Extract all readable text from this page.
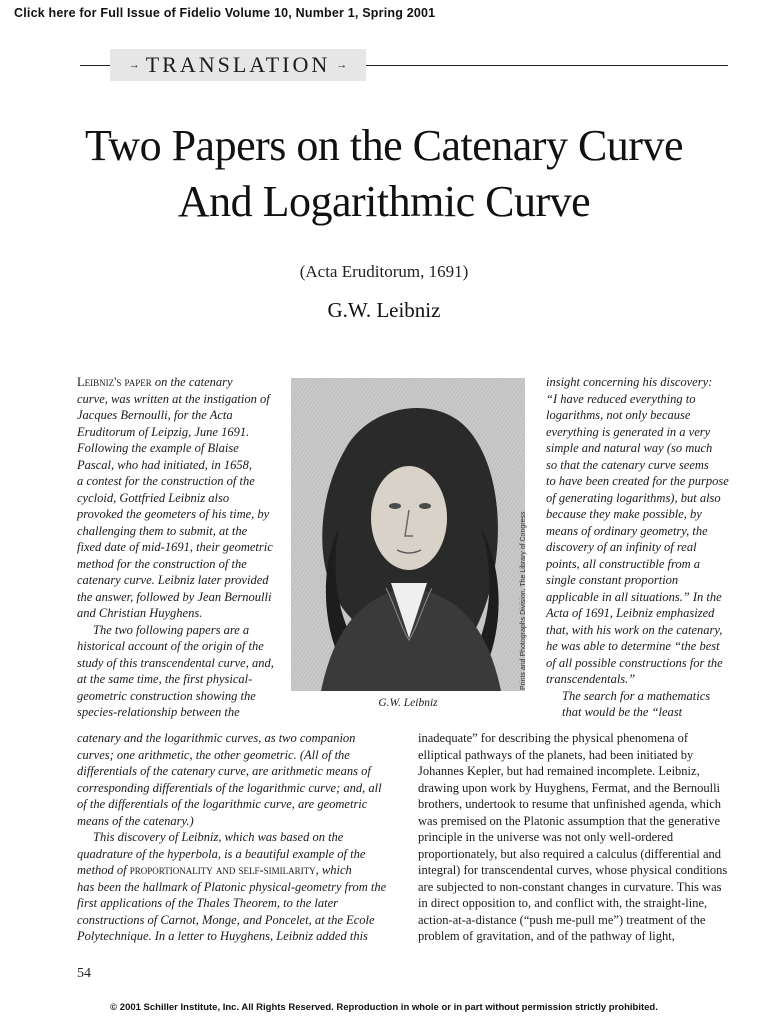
Click here for Full Issue of Fidelio Volume 10, Number 1, Spring 2001
→ TRANSLATION →
Two Papers on the Catenary Curve
And Logarithmic Curve
(Acta Eruditorum, 1691)
G.W. Leibniz
Leibniz's paper on the catenary
curve, was written at the instigation of
Jacques Bernoulli, for the Acta
Eruditorum of Leipzig, June 1691.
Following the example of Blaise
Pascal, who had initiated, in 1658,
a contest for the construction of the
cycloid, Gottfried Leibniz also
provoked the geometers of his time, by
challenging them to submit, at the
fixed date of mid-1691, their geometric
method for the construction of the
catenary curve. Leibniz later provided
the answer, followed by Jean Bernoulli
and Christian Huyghens.
The two following papers are a
historical account of the origin of the
study of this transcendental curve, and,
at the same time, the first physical-
geometric construction showing the
species-relationship between the
Prints and Photographs Division, The Library of Congress
G.W. Leibniz
insight concerning his discovery:
“I have reduced everything to
logarithms, not only because
everything is generated in a very
simple and natural way (so much
so that the catenary curve seems
to have been created for the purpose
of generating logarithms), but also
because they make possible, by
means of ordinary geometry, the
discovery of an infinity of real
points, all constructible from a
single constant proportion
applicable in all situations.” In the
Acta of 1691, Leibniz emphasized
that, with his work on the catenary,
he was able to determine “the best
of all possible constructions for the
transcendentals.”
The search for a mathematics
that would be the “least
catenary and the logarithmic curves, as two companion
curves; one arithmetic, the other geometric. (All of the
differentials of the catenary curve, are arithmetic means of
corresponding differentials of the logarithmic curve; and, all
of the differentials of the logarithmic curve, are geometric
means of the catenary.)
This discovery of Leibniz, which was based on the
quadrature of the hyperbola, is a beautiful example of the
method of proportionality and self-similarity, which
has been the hallmark of Platonic physical-geometry from the
first applications of the Thales Theorem, to the later
constructions of Carnot, Monge, and Poncelet, at the Ecole
Polytechnique. In a letter to Huyghens, Leibniz added this
inadequate” for describing the physical phenomena of
elliptical pathways of the planets, had been initiated by
Johannes Kepler, but had remained incomplete. Leibniz,
drawing upon work by Huyghens, Fermat, and the Bernoulli
brothers, undertook to resume that unfinished agenda, which
was premised on the Platonic assumption that the generative
principle in the universe was not only well-ordered
proportionately, but also required a calculus (differential and
integral) for transcendental curves, whose physical conditions
are subjected to non-constant changes in curvature. This was
in direct opposition to, and conflict with, the straight-line,
action-at-a-distance (“push me-pull me”) treatment of the
problem of gravitation, and of the pathway of light,
54
© 2001 Schiller Institute, Inc. All Rights Reserved. Reproduction in whole or in part without permission strictly prohibited.
